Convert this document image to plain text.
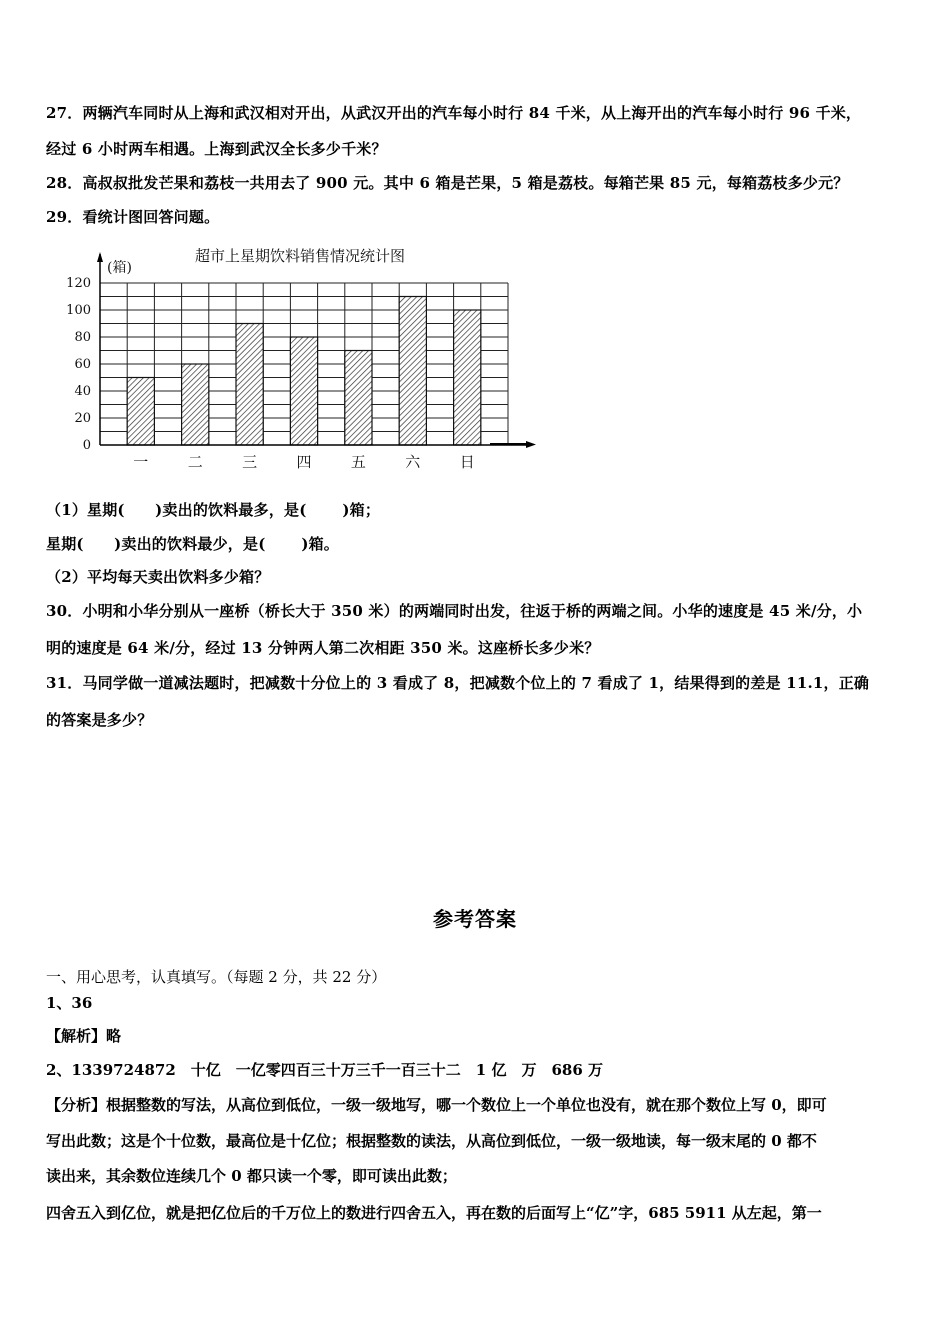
27．两辆汽车同时从上海和武汉相对开出，从武汉开出的汽车每小时行 84 千米，从上海开出的汽车每小时行 96 千米，
经过 6 小时两车相遇。上海到武汉全长多少千米？
28．高叔叔批发芒果和荔枝一共用去了 900 元。其中 6 箱是芒果，5 箱是荔枝。每箱芒果 85 元，每箱荔枝多少元？
29．看统计图回答问题。
超市上星期饮料销售情况统计图
(箱)
0
20
40
60
80
100
120
一	二	三	四	五	六	日
（1）星期(　　)卖出的饮料最多，是(　　 )箱；
星期(　　)卖出的饮料最少，是(　　 )箱。
（2）平均每天卖出饮料多少箱？
30．小明和小华分别从一座桥（桥长大于 350 米）的两端同时出发，往返于桥的两端之间。小华的速度是 45 米/分，小
明的速度是 64 米/分，经过 13 分钟两人第二次相距 350 米。这座桥长多少米？
31．马同学做一道减法题时，把减数十分位上的 3 看成了 8，把减数个位上的 7 看成了 1，结果得到的差是 11.1，正确
的答案是多少？
参考答案
一、用心思考，认真填写。（每题 2 分，共 22 分）
1、36
【解析】略
2、1339724872　十亿　一亿零四百三十万三千一百三十二　1 亿　万　686 万
【分析】根据整数的写法，从高位到低位，一级一级地写，哪一个数位上一个单位也没有，就在那个数位上写 0，即可
写出此数；这是个十位数，最高位是十亿位；根据整数的读法，从高位到低位，一级一级地读，每一级末尾的 0 都不
读出来，其余数位连续几个 0 都只读一个零，即可读出此数；
四舍五入到亿位，就是把亿位后的千万位上的数进行四舍五入，再在数的后面写上“亿”字，685 5911 从左起，第一
